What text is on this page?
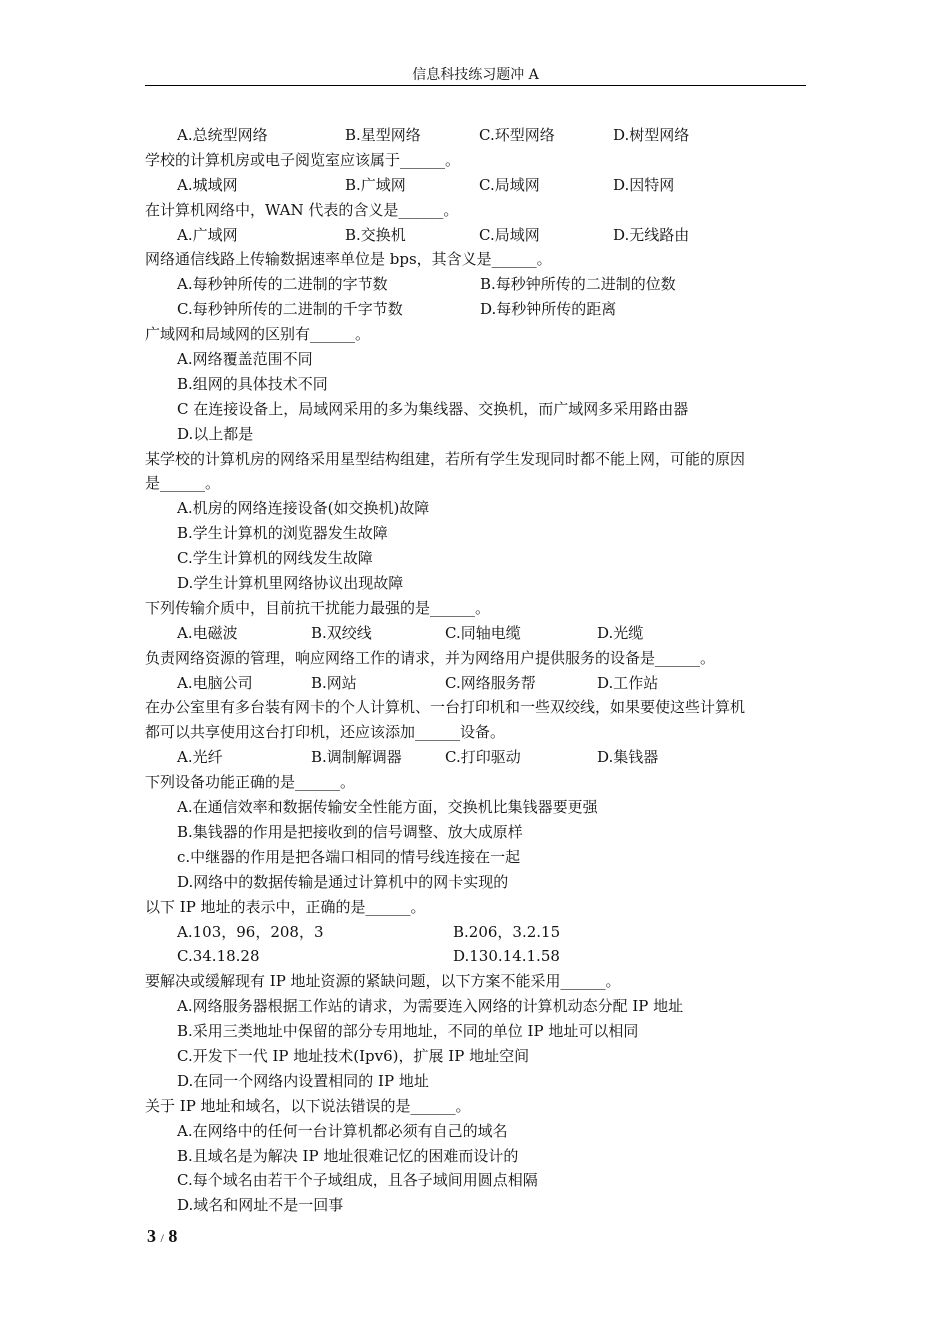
信息科技练习题冲 A
A.总统型网络	B.星型网络	C.环型网络	D.树型网络
学校的计算机房或电子阅览室应该属于______。
A.城域网	B.广域网	C.局域网	D.因特网
在计算机网络中，WAN 代表的含义是______。
A.广域网	B.交换机	C.局域网	D.无线路由
网络通信线路上传输数据速率单位是 bps，其含义是______。
A.每秒钟所传的二进制的字节数	B.每秒钟所传的二进制的位数
C.每秒钟所传的二进制的千字节数	D.每秒钟所传的距离
广域网和局域网的区别有______。
A.网络覆盖范围不同
B.组网的具体技术不同
C 在连接设备上，局域网采用的多为集线器、交换机，而广域网多采用路由器
D.以上都是
某学校的计算机房的网络采用星型结构组建，若所有学生发现同时都不能上网，可能的原因
是______。
A.机房的网络连接设备(如交换机)故障
B.学生计算机的浏览器发生故障
C.学生计算机的网线发生故障
D.学生计算机里网络协议出现故障
下列传输介质中，目前抗干扰能力最强的是______。
A.电磁波	B.双绞线	C.同轴电缆	D.光缆
负责网络资源的管理，响应网络工作的请求，并为网络用户提供服务的设备是______。
A.电脑公司	B.网站	C.网络服务帮	D.工作站
在办公室里有多台装有网卡的个人计算机、一台打印机和一些双绞线，如果要使这些计算机
都可以共享使用这台打印机，还应该添加______设备。
A.光纤	B.调制解调器	C.打印驱动	D.集钱器
下列设备功能正确的是______。
A.在通信效率和数据传输安全性能方面，交换机比集钱器要更强
B.集钱器的作用是把接收到的信号调整、放大成原样
c.中继器的作用是把各端口相同的情号线连接在一起
D.网络中的数据传输是通过计算机中的网卡实现的
以下 IP 地址的表示中，正确的是______。
A.103，96，208，3	B.206，3.2.15
C.34.18.28	D.130.14.1.58
要解决或缓解现有 IP 地址资源的紧缺问题，以下方案不能采用______。
A.网络服务器根据工作站的请求，为需要连入网络的计算机动态分配 IP 地址
B.采用三类地址中保留的部分专用地址，不同的单位 IP 地址可以相同
C.开发下一代 IP 地址技术(Ipv6)，扩展 IP 地址空间
D.在同一个网络内设置相同的 IP 地址
关于 IP 地址和域名，以下说法错误的是______。
A.在网络中的任何一台计算机都必须有自己的域名
B.且域名是为解决 IP 地址很难记忆的困难而设计的
C.每个域名由若干个子域组成，且各子域间用圆点相隔
D.域名和网址不是一回事
3 / 8
